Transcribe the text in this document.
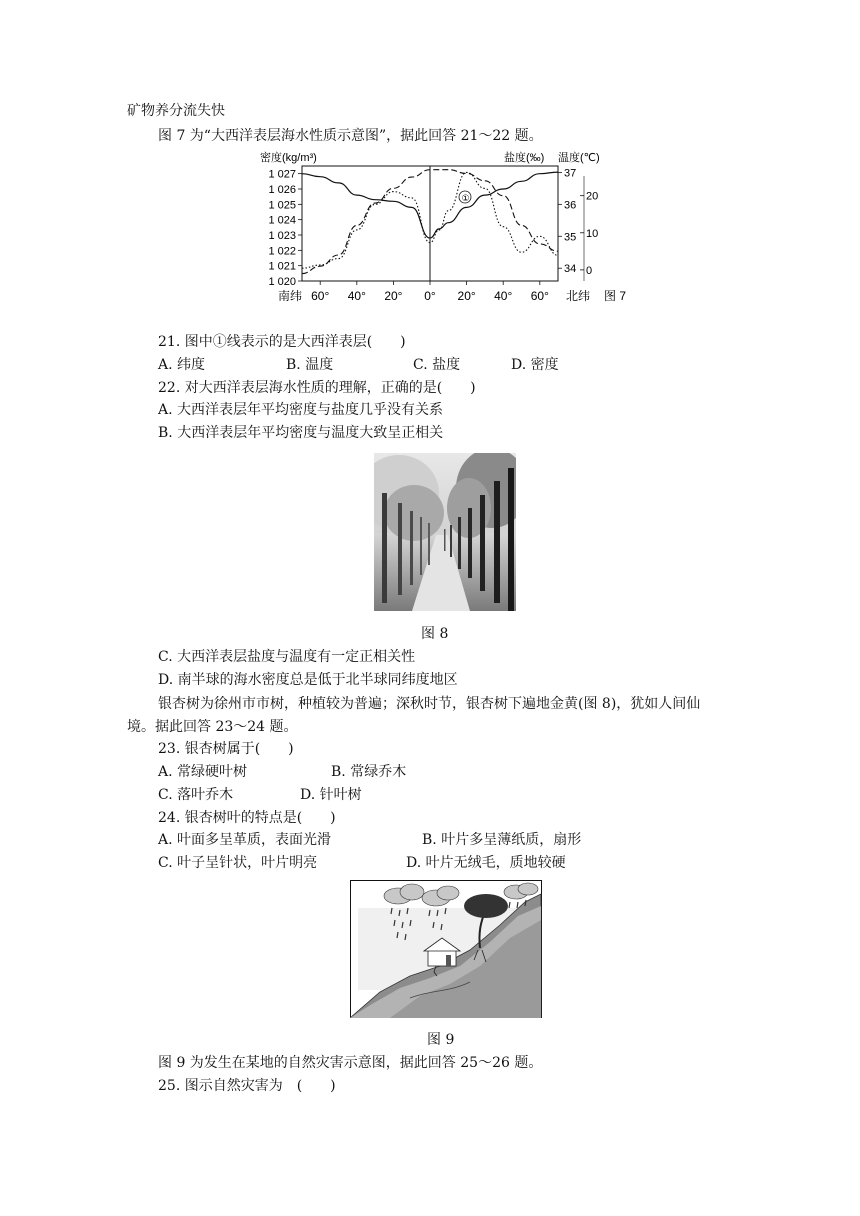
矿物养分流失快
图 7 为“大西洋表层海水性质示意图”，据此回答 21～22 题。
密度(kg/m³)	盐度(‰) 温度(℃)
1 027
1 026
1 025
1 024
1 023
1 022
1 021
1 020
37
36
35
34
20
10
0
60° 40° 20° 0° 20° 40° 60°
①
南纬	北纬 图 7
21. 图中①线表示的是大西洋表层(　　)
A. 纬度	B. 温度	C. 盐度	D. 密度
22. 对大西洋表层海水性质的理解，正确的是(　　)
A. 大西洋表层年平均密度与盐度几乎没有关系
B. 大西洋表层年平均密度与温度大致呈正相关
图 8
C. 大西洋表层盐度与温度有一定正相关性
D. 南半球的海水密度总是低于北半球同纬度地区
银杏树为徐州市市树，种植较为普遍；深秋时节，银杏树下遍地金黄(图 8)，犹如人间仙
境。据此回答 23～24 题。
23. 银杏树属于(　　)
A. 常绿硬叶树	B. 常绿乔木
C. 落叶乔木	D. 针叶树
24. 银杏树叶的特点是(　　)
A. 叶面多呈革质，表面光滑	B. 叶片多呈薄纸质，扇形
C. 叶子呈针状，叶片明亮	D. 叶片无绒毛，质地较硬
图 9
图 9 为发生在某地的自然灾害示意图，据此回答 25～26 题。
25. 图示自然灾害为　(　　)
